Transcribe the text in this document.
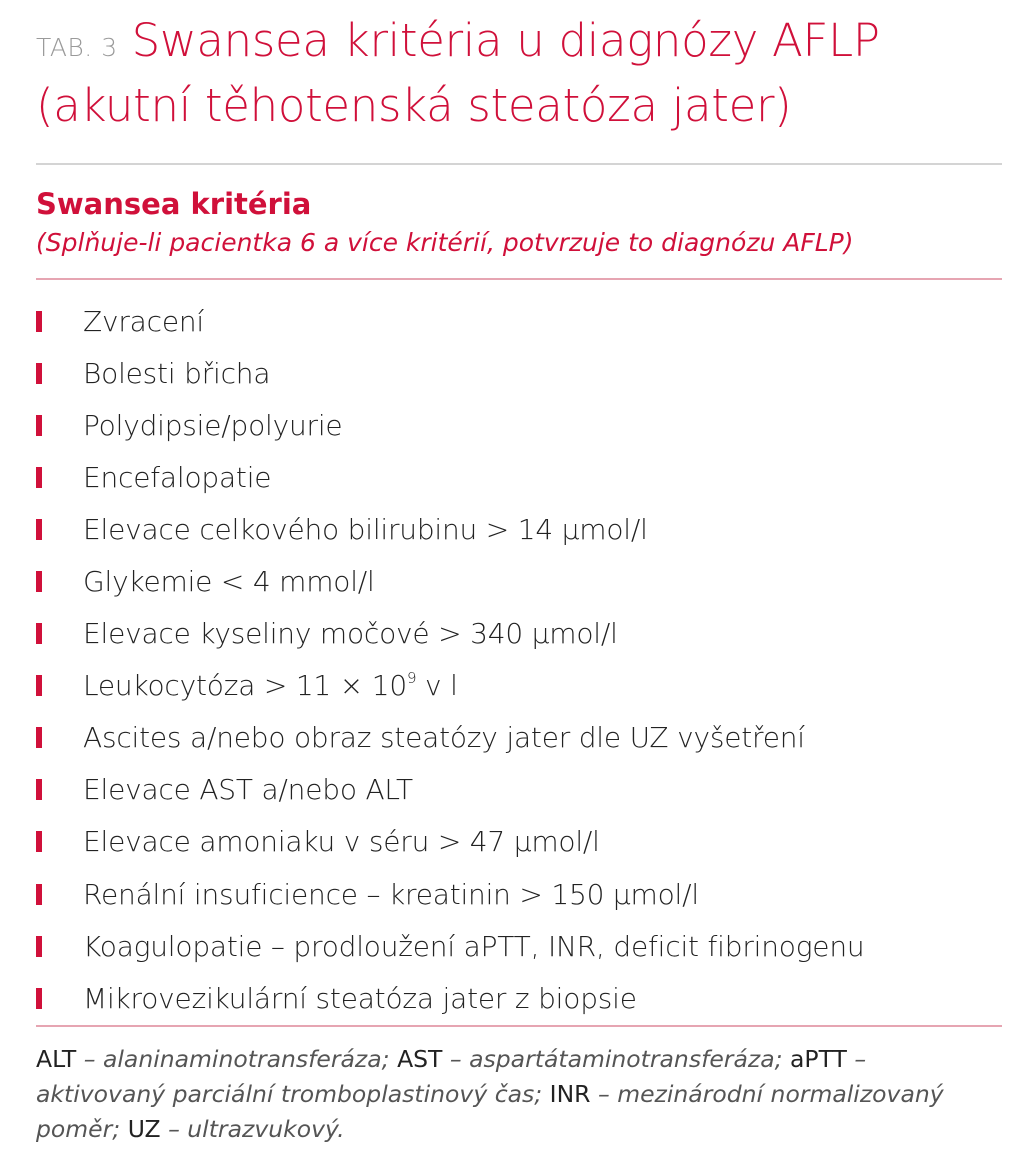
TAB. 3 Swansea kritéria u diagnózy AFLP
(akutní těhotenská steatóza jater)
Swansea kritéria
(Splňuje-li pacientka 6 a více kritérií, potvrzuje to diagnózu AFLP)
Zvracení
Bolesti břicha
Polydipsie/polyurie
Encefalopatie
Elevace celkového bilirubinu > 14 μmol/l
Glykemie < 4 mmol/l
Elevace kyseliny močové > 340 μmol/l
Leukocytóza > $11 \times 10^9$ v l
Ascites a/nebo obraz steatózy jater dle UZ vyšetření
Elevace AST a/nebo ALT
Elevace amoniaku v séru > 47 μmol/l
Renální insuficience – kreatinin > 150 μmol/l
Koagulopatie – prodloužení aPTT, INR, deficit fibrinogenu
Mikrovezikulární steatóza jater z biopsie
ALT – alaninaminotransferáza; AST – aspartátaminotransferáza; aPTT – aktivovaný parciální tromboplastinový čas; INR – mezinárodní normalizovaný poměr; UZ – ultrazvukový.
